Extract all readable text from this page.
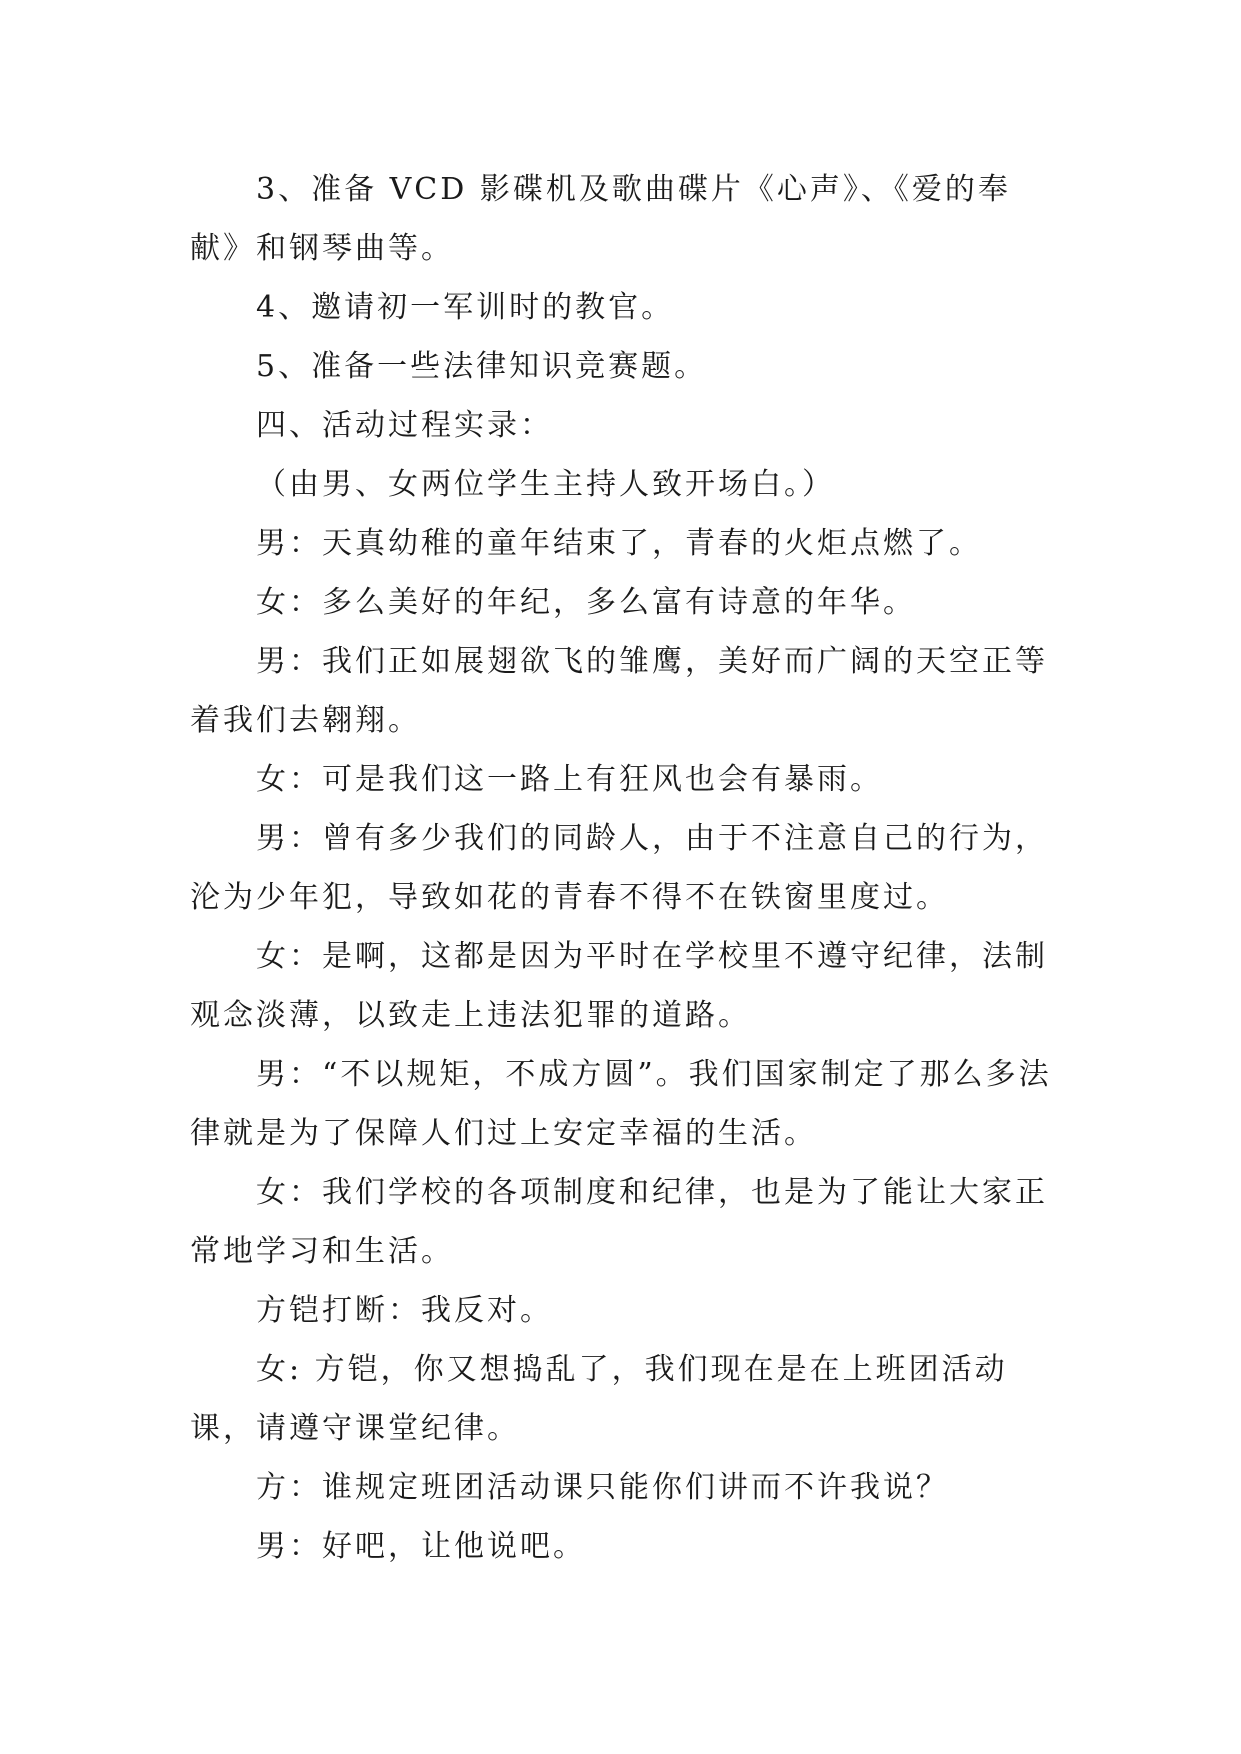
3、准备 VCD 影碟机及歌曲碟片《心声》、《爱的奉献》和钢琴曲等。

4、邀请初一军训时的教官。

5、准备一些法律知识竞赛题。

四、活动过程实录：

（由男、女两位学生主持人致开场白。）

男：天真幼稚的童年结束了，青春的火炬点燃了。

女：多么美好的年纪，多么富有诗意的年华。

男：我们正如展翅欲飞的雏鹰，美好而广阔的天空正等着我们去翱翔。

女：可是我们这一路上有狂风也会有暴雨。

男：曾有多少我们的同龄人，由于不注意自己的行为，沦为少年犯，导致如花的青春不得不在铁窗里度过。

女：是啊，这都是因为平时在学校里不遵守纪律，法制观念淡薄，以致走上违法犯罪的道路。

男：“不以规矩，不成方圆”。我们国家制定了那么多法律就是为了保障人们过上安定幸福的生活。

女：我们学校的各项制度和纪律，也是为了能让大家正常地学习和生活。

方铠打断：我反对。

女: 方铠，你又想捣乱了，我们现在是在上班团活动课，请遵守课堂纪律。

方：谁规定班团活动课只能你们讲而不许我说？

男：好吧，让他说吧。
